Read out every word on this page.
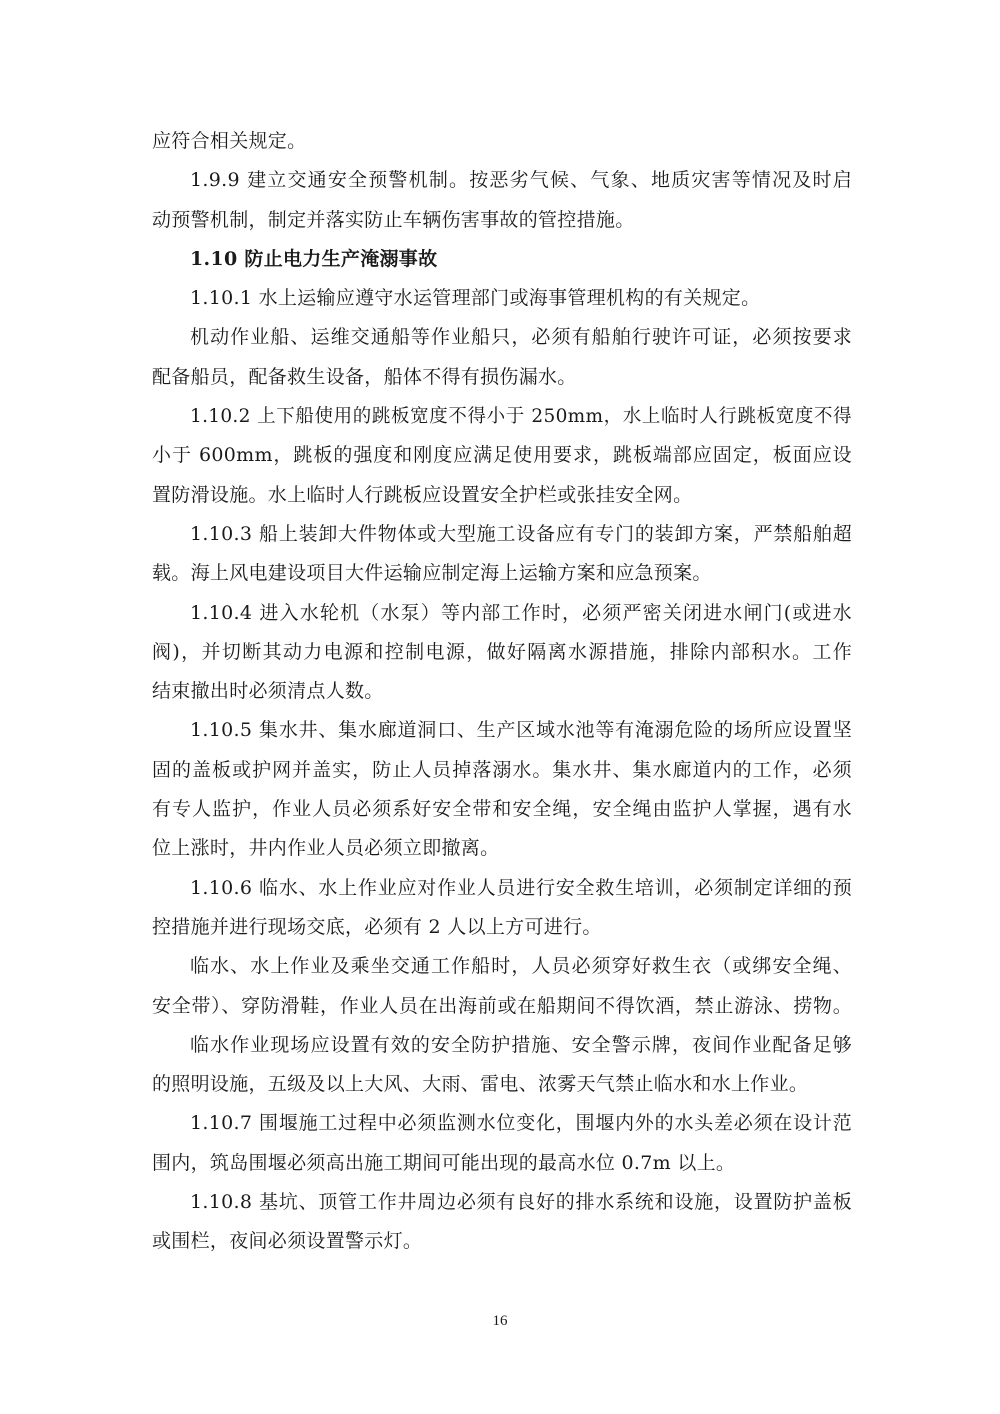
应符合相关规定。
1.9.9 建立交通安全预警机制。按恶劣气候、气象、地质灾害等情况及时启
动预警机制，制定并落实防止车辆伤害事故的管控措施。
1.10 防止电力生产淹溺事故
1.10.1 水上运输应遵守水运管理部门或海事管理机构的有关规定。
机动作业船、运维交通船等作业船只，必须有船舶行驶许可证，必须按要求
配备船员，配备救生设备，船体不得有损伤漏水。
1.10.2 上下船使用的跳板宽度不得小于 250mm，水上临时人行跳板宽度不得
小于 600mm，跳板的强度和刚度应满足使用要求，跳板端部应固定，板面应设
置防滑设施。水上临时人行跳板应设置安全护栏或张挂安全网。
1.10.3 船上装卸大件物体或大型施工设备应有专门的装卸方案，严禁船舶超
载。海上风电建设项目大件运输应制定海上运输方案和应急预案。
1.10.4 进入水轮机（水泵）等内部工作时，必须严密关闭进水闸门(或进水
阀)，并切断其动力电源和控制电源，做好隔离水源措施，排除内部积水。工作
结束撤出时必须清点人数。
1.10.5 集水井、集水廊道洞口、生产区域水池等有淹溺危险的场所应设置坚
固的盖板或护网并盖实，防止人员掉落溺水。集水井、集水廊道内的工作，必须
有专人监护，作业人员必须系好安全带和安全绳，安全绳由监护人掌握，遇有水
位上涨时，井内作业人员必须立即撤离。
1.10.6 临水、水上作业应对作业人员进行安全救生培训，必须制定详细的预
控措施并进行现场交底，必须有 2 人以上方可进行。
临水、水上作业及乘坐交通工作船时，人员必须穿好救生衣（或绑安全绳、
安全带）、穿防滑鞋，作业人员在出海前或在船期间不得饮酒，禁止游泳、捞物。
临水作业现场应设置有效的安全防护措施、安全警示牌，夜间作业配备足够
的照明设施，五级及以上大风、大雨、雷电、浓雾天气禁止临水和水上作业。
1.10.7 围堰施工过程中必须监测水位变化，围堰内外的水头差必须在设计范
围内，筑岛围堰必须高出施工期间可能出现的最高水位 0.7m 以上。
1.10.8 基坑、顶管工作井周边必须有良好的排水系统和设施，设置防护盖板
或围栏，夜间必须设置警示灯。
16
